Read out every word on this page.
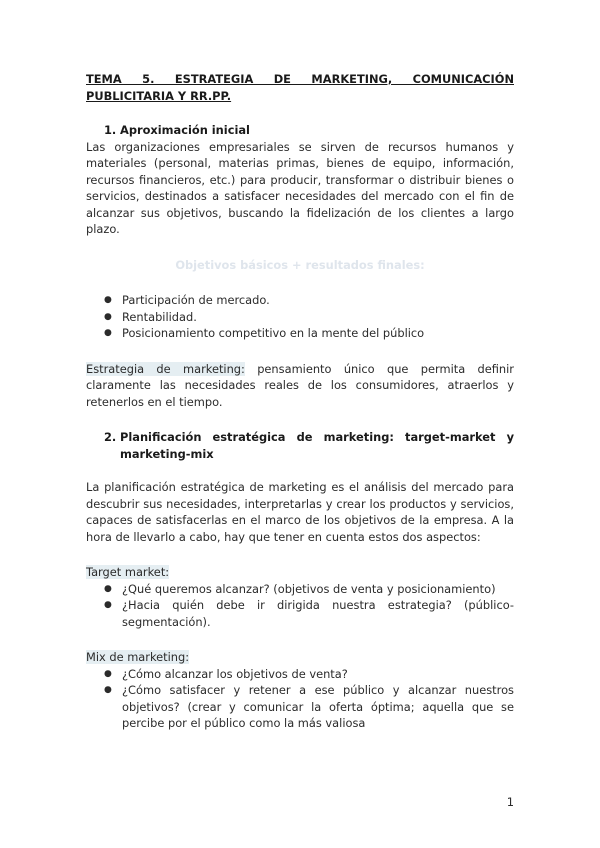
TEMA 5. ESTRATEGIA DE MARKETING, COMUNICACIÓN PUBLICITARIA Y RR.PP.
1. Aproximación inicial

Las organizaciones empresariales se sirven de recursos humanos y materiales (personal, materias primas, bienes de equipo, información, recursos financieros, etc.) para producir, transformar o distribuir bienes o servicios, destinados a satisfacer necesidades del mercado con el fin de alcanzar sus objetivos, buscando la fidelización de los clientes a largo plazo.

Objetivos básicos + resultados finales:
● Participación de mercado.
● Rentabilidad.
● Posicionamiento competitivo en la mente del público

Estrategia de marketing: pensamiento único que permita definir claramente las necesidades reales de los consumidores, atraerlos y retenerlos en el tiempo.

2. Planificación estratégica de marketing: target-market y marketing-mix

La planificación estratégica de marketing es el análisis del mercado para descubrir sus necesidades, interpretarlas y crear los productos y servicios, capaces de satisfacerlas en el marco de los objetivos de la empresa. A la hora de llevarlo a cabo, hay que tener en cuenta estos dos aspectos:

Target market:
● ¿Qué queremos alcanzar? (objetivos de venta y posicionamiento)
● ¿Hacia quién debe ir dirigida nuestra estrategia? (público-segmentación).
Mix de marketing:
● ¿Cómo alcanzar los objetivos de venta?
● ¿Cómo satisfacer y retener a ese público y alcanzar nuestros objetivos? (crear y comunicar la oferta óptima; aquella que se percibe por el público como la más valiosa
1
